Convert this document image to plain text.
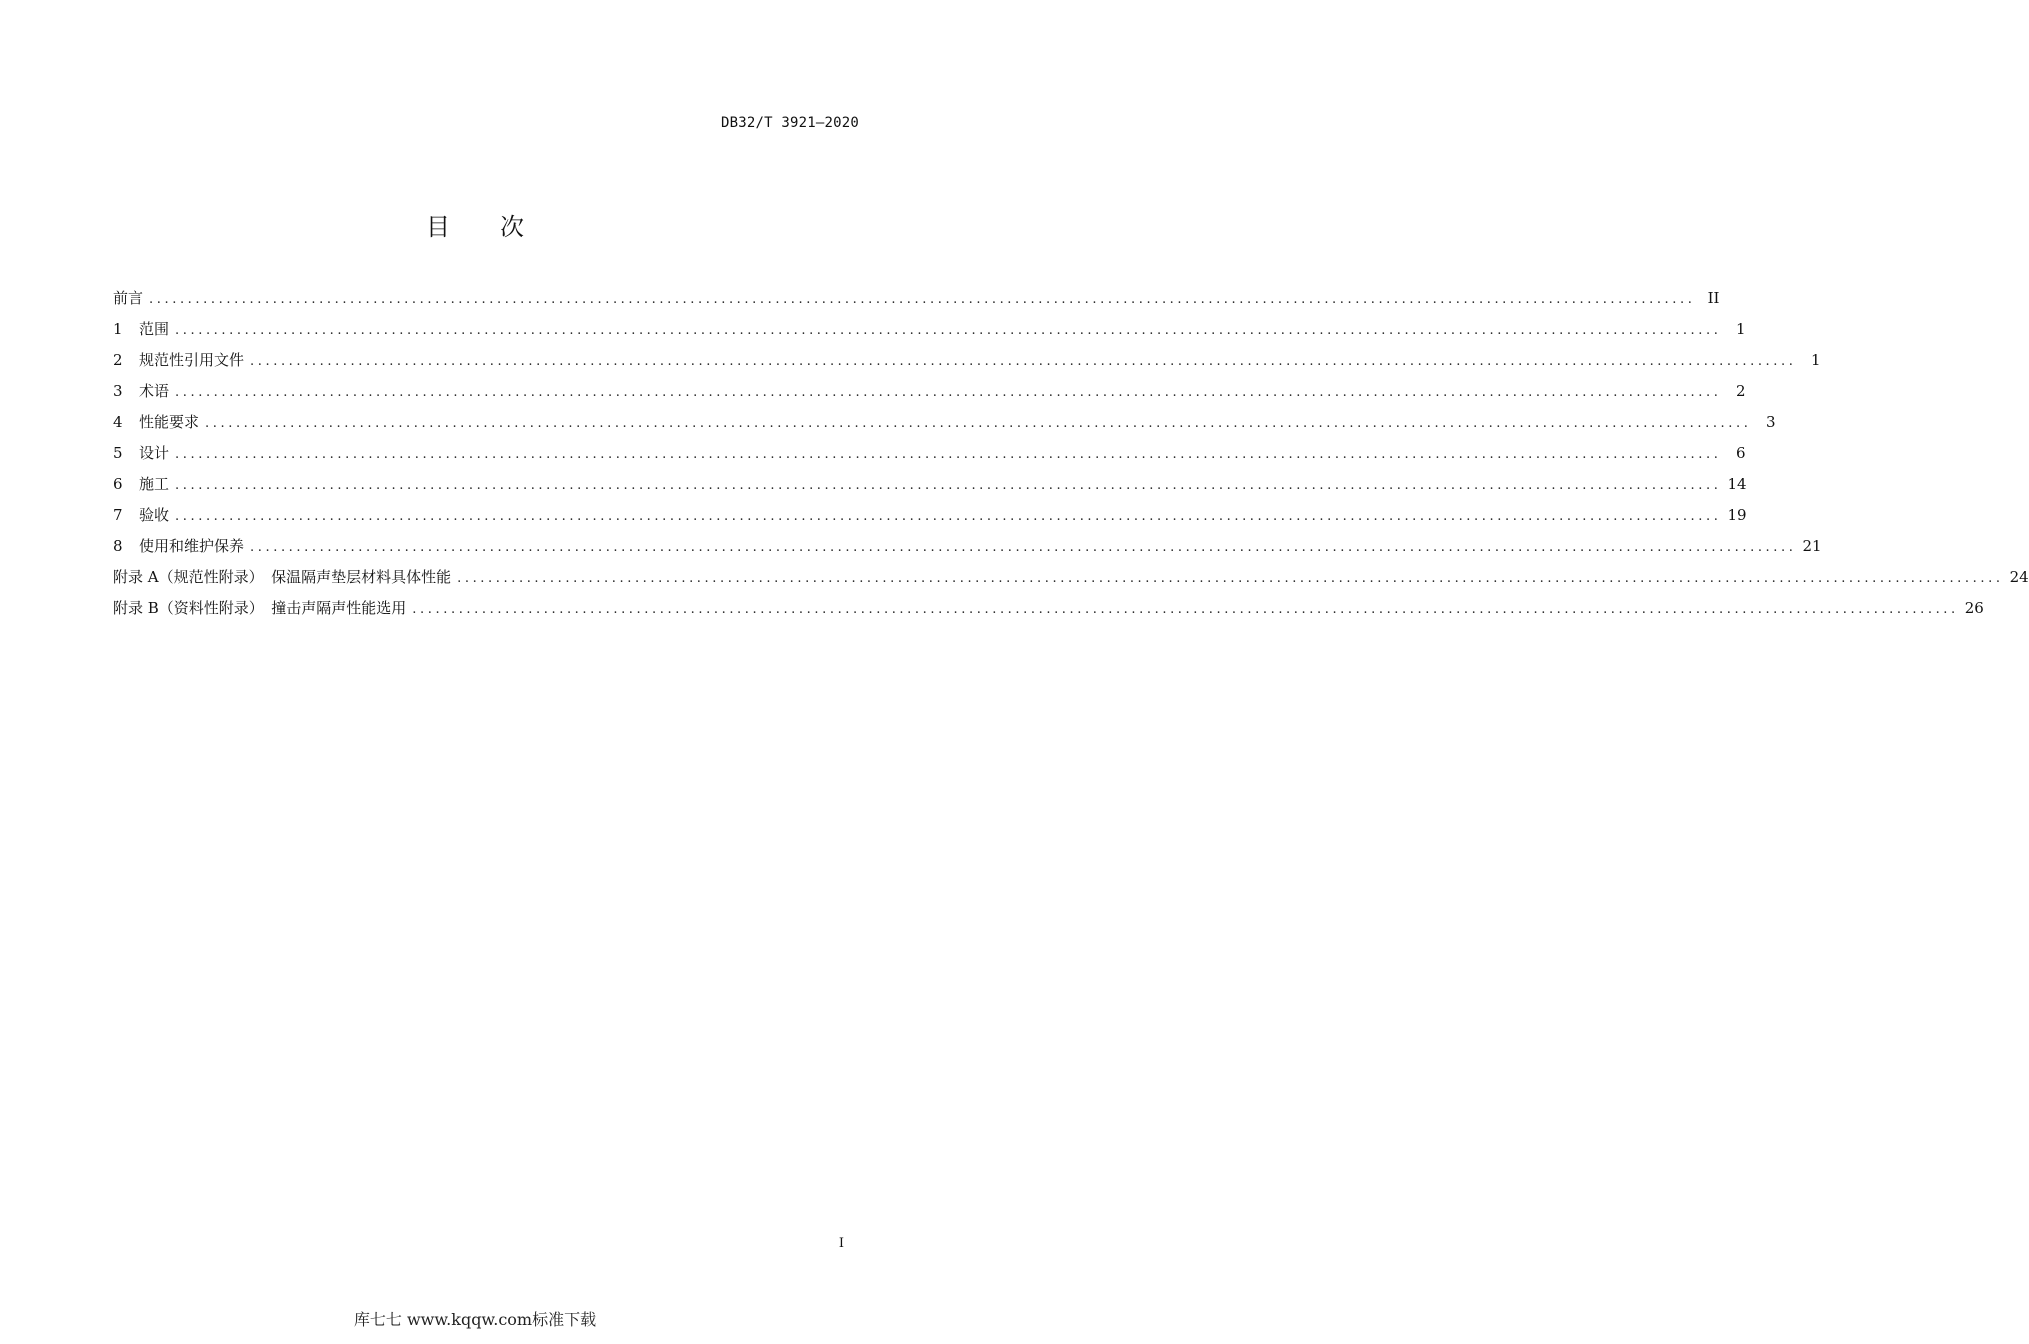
DB32/T 3921—2020
目 次
前言 ........................................................................................................................................................................................................ II
1	范围 ........................................................................................................................................................................................................ 1
2	规范性引用文件 ........................................................................................................................................................................................................ 1
3	术语 ........................................................................................................................................................................................................ 2
4	性能要求 ........................................................................................................................................................................................................ 3
5	设计 ........................................................................................................................................................................................................ 6
6	施工 ........................................................................................................................................................................................................ 14
7	验收 ........................................................................................................................................................................................................ 19
8	使用和维护保养 ........................................................................................................................................................................................................ 21
附录 A（规范性附录）　保温隔声垫层材料具体性能 ........................................................................................................................................................................................................ 24
附录 B（资料性附录）　撞击声隔声性能选用 ........................................................................................................................................................................................................ 26
I
库七七 www.kqqw.com标准下载
